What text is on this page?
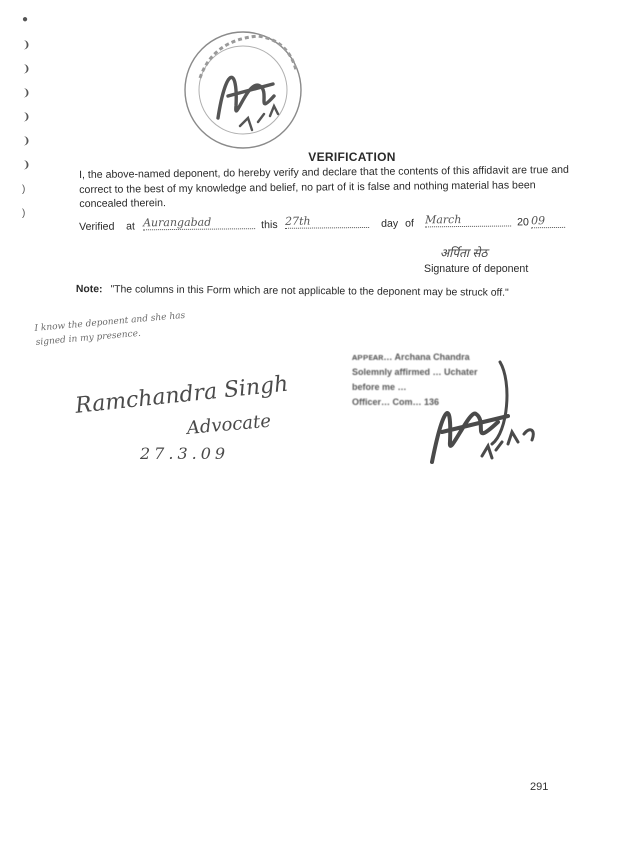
●
❩
❩
❩
❩
❩
❩
)
)
VERIFICATION
I, the above-named deponent, do hereby verify and declare that the contents of this affidavit are true and correct to the best of my knowledge and belief, no part of it is false and nothing material has been concealed therein.
Verified at Aurangabad	this 27th	day of March	20 09
अर्पिता सेठ
Signature of deponent
Note: "The columns in this Form which are not applicable to the deponent may be struck off."
I know the deponent and she has signed in my presence.
Ramchandra Singh
Advocate
27.3.09
ᴀᴘᴘᴇᴀʀ… Archana Chandra
Solemnly affirmed … Uchater
before me …
Officer… Com… 136
291
